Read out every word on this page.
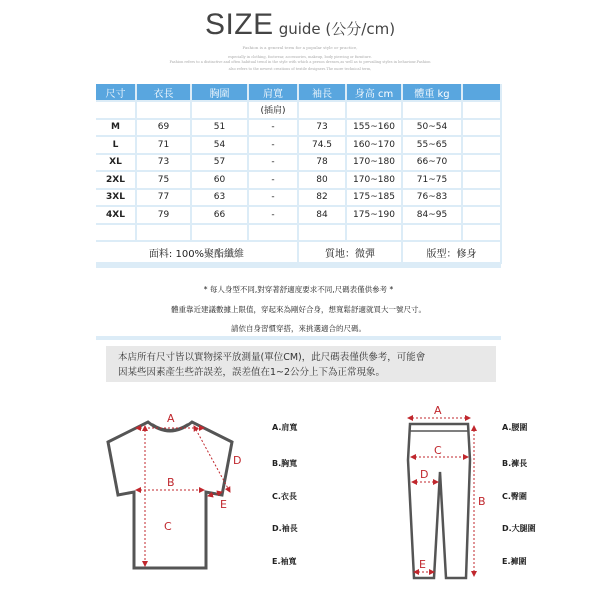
SIZE guide (公分/cm)
Fashion is a general term for a popular style or practice,
especially in clothing, footwear, accessories, makeup, body piercing or furniture.
Fashion refers to a distinctive and often habitual trend in the style with which a person dresses,as well as to prevailing styles in behaviour.Fashion
also refers to the newest creations of textile designers.The more technical term,
尺寸	衣長	胸圍	肩寬	袖長	身高 cm	體重 kg	
			(插肩)				
M	69	51	-	73	155~160	50~54	
L	71	54	-	74.5	160~170	55~65	
XL	73	57	-	78	170~180	66~70	
2XL	75	60	-	80	170~180	71~75	
3XL	77	63	-	82	175~185	76~83	
4XL	79	66	-	84	175~190	84~95	

面料: 100%聚酯纖維				質地：微彈		版型：修身	
* 每人身型不同,對穿著舒適度要求不同,尺碼表僅供參考 *
體重靠近建議數據上限值，穿起來為剛好合身，想寬鬆舒適就買大一號尺寸。
請依自身習慣穿搭，來挑選適合的尺碼。
本店所有尺寸皆以實物採平放測量(單位CM)，此尺碼表僅供參考，可能會
因某些因素產生些許誤差，誤差值在1~2公分上下為正常現象。
A
B
C
D
E
A.肩寬
B.胸寬
C.衣長
D.袖長
E.袖寬
A
B
C
D
E
A.腰圍
B.褲長
C.臀圍
D.大腿圍
E.褲圍
